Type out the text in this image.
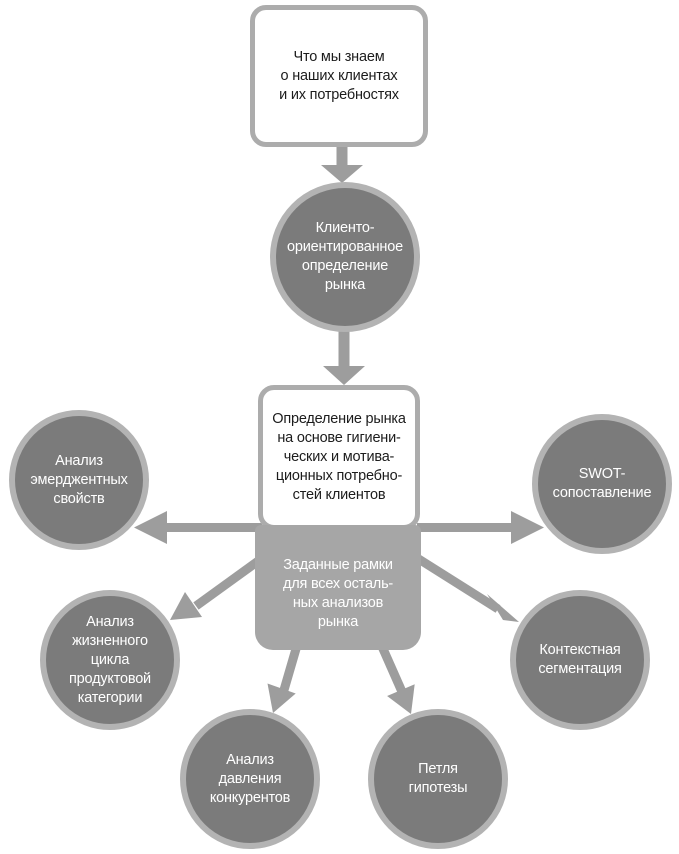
Что мы знаем
о наших клиентах
и их потребностях
Клиенто-
ориентированное
определение
рынка
Определение рынка
на основе гигиени-
ческих и мотива-
ционных потребно-
стей клиентов
Заданные рамки
для всех осталь-
ных анализов
рынка
Анализ
эмерджентных
свойств
SWOT-
сопоставление
Анализ
жизненного
цикла
продуктовой
категории
Контекстная
сегментация
Анализ
давления
конкурентов
Петля
гипотезы
